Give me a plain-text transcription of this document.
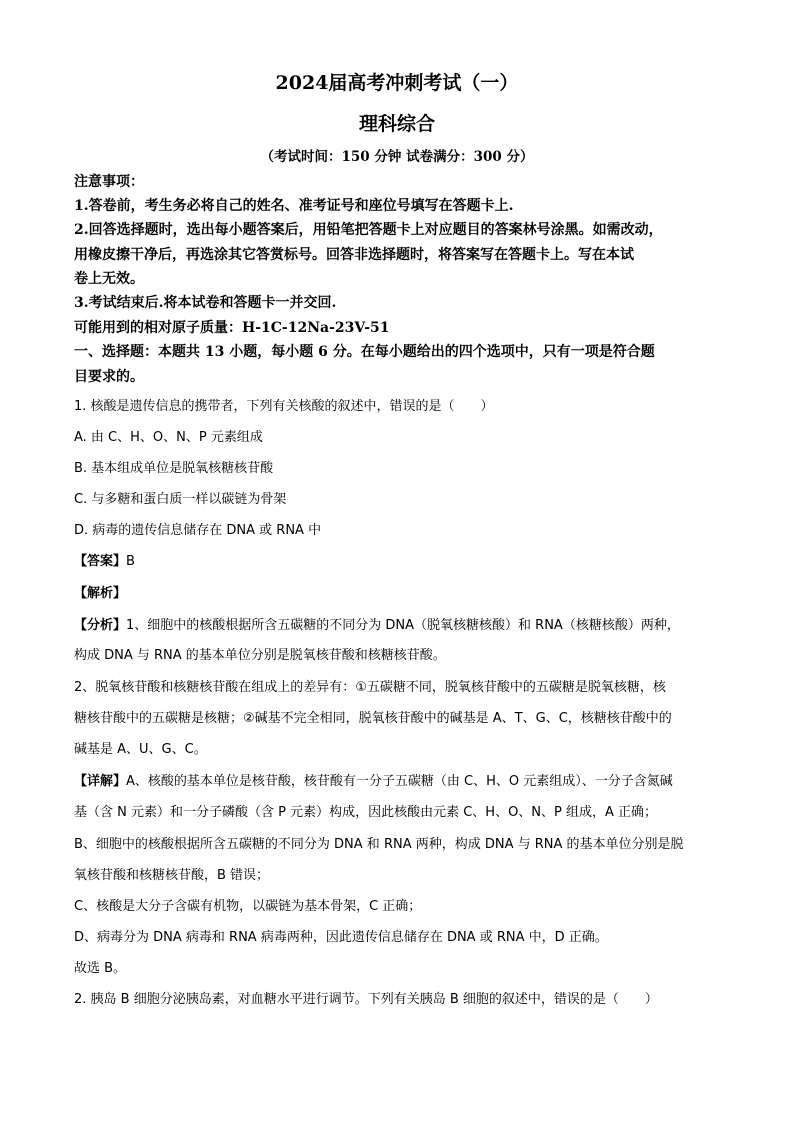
2024届高考冲刺考试（一）
理科综合
（考试时间：150 分钟 试卷满分：300 分）
注意事项：
1.答卷前，考生务必将自己的姓名、准考证号和座位号填写在答题卡上.
2.回答选择题时，选出每小题答案后，用铅笔把答题卡上对应题目的答案林号涂黑。如需改动，
用橡皮擦干净后，再选涂其它答赏标号。回答非选择题时，将答案写在答题卡上。写在本试
卷上无效。
3.考试结束后.将本试卷和答题卡一并交回.
可能用到的相对原子质量：H-1C-12Na-23V-51
一、选择题：本题共 13 小题，每小题 6 分。在每小题给出的四个选项中，只有一项是符合题
目要求的。
1. 核酸是遗传信息的携带者，下列有关核酸的叙述中，错误的是（　　）
A. 由 C、H、O、N、P 元素组成
B. 基本组成单位是脱氧核糖核苷酸
C. 与多糖和蛋白质一样以碳链为骨架
D. 病毒的遗传信息储存在 DNA 或 RNA 中
【答案】B
【解析】
【分析】1、细胞中的核酸根据所含五碳糖的不同分为 DNA（脱氧核糖核酸）和 RNA（核糖核酸）两种，
构成 DNA 与 RNA 的基本单位分别是脱氧核苷酸和核糖核苷酸。
2、脱氧核苷酸和核糖核苷酸在组成上的差异有：①五碳糖不同，脱氧核苷酸中的五碳糖是脱氧核糖，核
糖核苷酸中的五碳糖是核糖；②碱基不完全相同，脱氧核苷酸中的碱基是 A、T、G、C，核糖核苷酸中的
碱基是 A、U、G、C。
【详解】A、核酸的基本单位是核苷酸，核苷酸有一分子五碳糖（由 C、H、O 元素组成）、一分子含氮碱
基（含 N 元素）和一分子磷酸（含 P 元素）构成，因此核酸由元素 C、H、O、N、P 组成，A 正确；
B、细胞中的核酸根据所含五碳糖的不同分为 DNA 和 RNA 两种，构成 DNA 与 RNA 的基本单位分别是脱
氧核苷酸和核糖核苷酸，B 错误；
C、核酸是大分子含碳有机物，以碳链为基本骨架，C 正确；
D、病毒分为 DNA 病毒和 RNA 病毒两种，因此遗传信息储存在 DNA 或 RNA 中，D 正确。
故选 B。
2. 胰岛 B 细胞分泌胰岛素，对血糖水平进行调节。下列有关胰岛 B 细胞的叙述中，错误的是（　　）
